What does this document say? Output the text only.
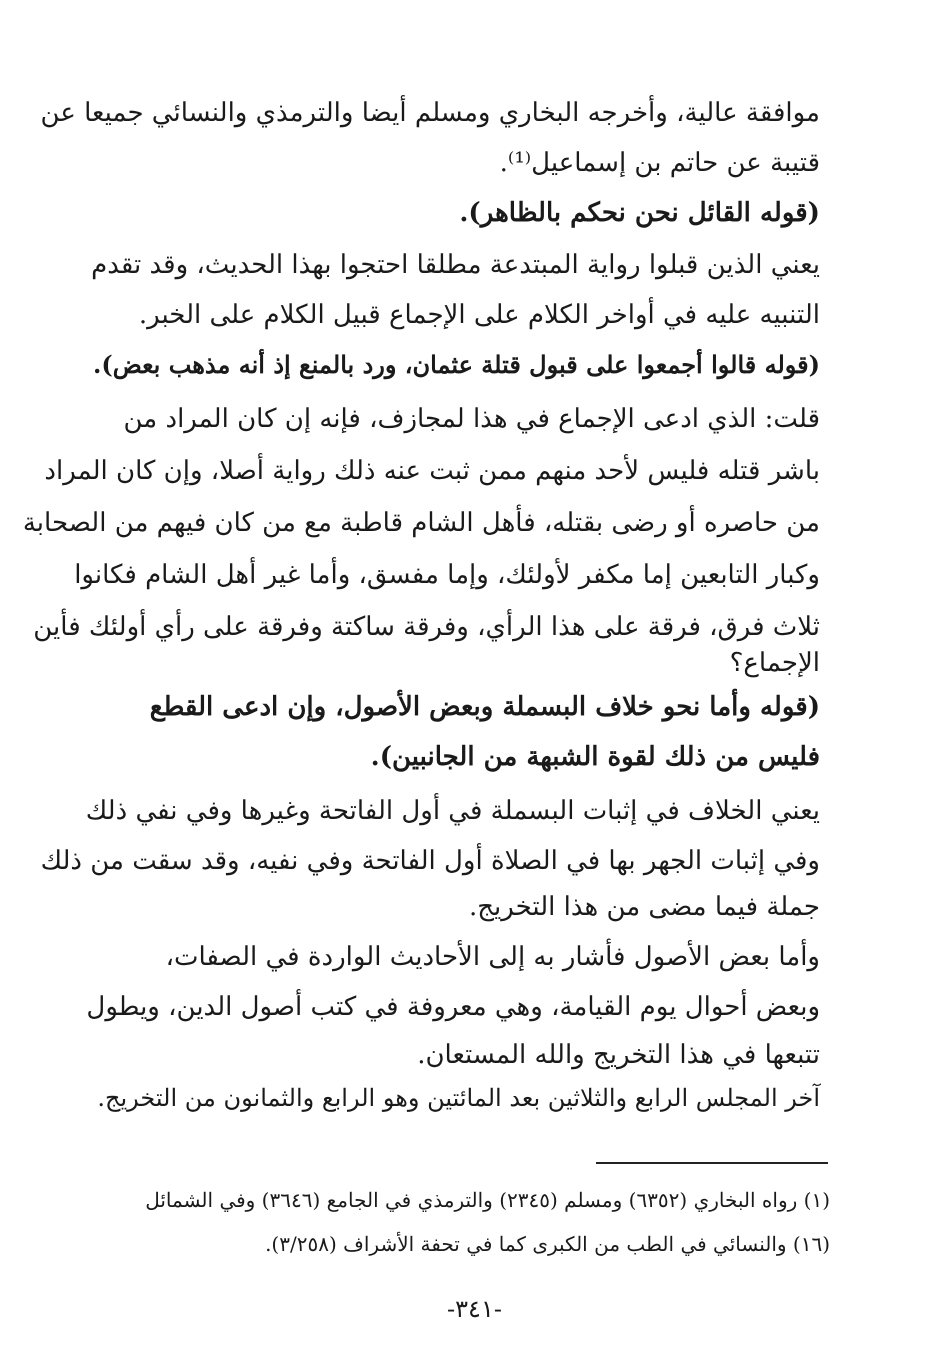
موافقة عالية، وأخرجه البخاري ومسلم أيضا والترمذي والنسائي جميعا عن
قتيبة عن حاتم بن إسماعيل⁽¹⁾.
(قوله القائل نحن نحكم بالظاهر).
يعني الذين قبلوا رواية المبتدعة مطلقا احتجوا بهذا الحديث، وقد تقدم
التنبيه عليه في أواخر الكلام على الإجماع قبيل الكلام على الخبر.
(قوله قالوا أجمعوا على قبول قتلة عثمان، ورد بالمنع إذ أنه مذهب بعض).
قلت: الذي ادعى الإجماع في هذا لمجازف، فإنه إن كان المراد من
باشر قتله فليس لأحد منهم ممن ثبت عنه ذلك رواية أصلا، وإن كان المراد
من حاصره أو رضى بقتله، فأهل الشام قاطبة مع من كان فيهم من الصحابة
وكبار التابعين إما مكفر لأولئك، وإما مفسق، وأما غير أهل الشام فكانوا
ثلاث فرق، فرقة على هذا الرأي، وفرقة ساكتة وفرقة على رأي أولئك فأين
الإجماع؟
(قوله وأما نحو خلاف البسملة وبعض الأصول، وإن ادعى القطع
فليس من ذلك لقوة الشبهة من الجانبين).
يعني الخلاف في إثبات البسملة في أول الفاتحة وغيرها وفي نفي ذلك
وفي إثبات الجهر بها في الصلاة أول الفاتحة وفي نفيه، وقد سقت من ذلك
جملة فيما مضى من هذا التخريج.
وأما بعض الأصول فأشار به إلى الأحاديث الواردة في الصفات،
وبعض أحوال يوم القيامة، وهي معروفة في كتب أصول الدين، ويطول
تتبعها في هذا التخريج والله المستعان.
آخر المجلس الرابع والثلاثين بعد المائتين وهو الرابع والثمانون من التخريج.
(١) رواه البخاري (٦٣٥٢) ومسلم (٢٣٤٥) والترمذي في الجامع (٣٦٤٦) وفي الشمائل
(١٦) والنسائي في الطب من الكبرى كما في تحفة الأشراف (٣/٢٥٨).
-٣٤١-
